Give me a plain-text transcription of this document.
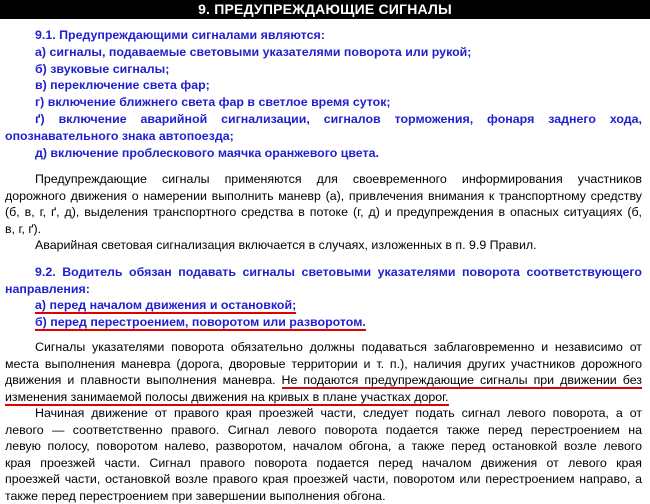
9. ПРЕДУПРЕЖДАЮЩИЕ СИГНАЛЫ
9.1. Предупреждающими сигналами являются:
а) сигналы, подаваемые световыми указателями поворота или рукой;
б) звуковые сигналы;
в) переключение света фар;
г) включение ближнего света фар в светлое время суток;
ґ) включение аварийной сигнализации, сигналов торможения, фонаря заднего хода,
опознавательного знака автопоезда;
д) включение проблескового маячка оранжевого цвета.
Предупреждающие сигналы применяются для своевременного информирования участников
дорожного движения о намерении выполнить маневр (а), привлечения внимания к транспортному средству
(б, в, г, ґ, д), выделения транспортного средства в потоке (г, д) и предупреждения в опасных ситуациях (б,
в, г, ґ).
Аварийная световая сигнализация включается в случаях, изложенных в п. 9.9 Правил.
9.2. Водитель обязан подавать сигналы световыми указателями поворота соответствующего
направления:
а) перед началом движения и остановкой;
б) перед перестроением, поворотом или разворотом.
Сигналы указателями поворота обязательно должны подаваться заблаговременно и независимо от
места выполнения маневра (дорога, дворовые территории и т. п.), наличия других участников дорожного
движения и плавности выполнения маневра. Не подаются предупреждающие сигналы при движении без
изменения занимаемой полосы движения на кривых в плане участках дорог.
Начиная движение от правого края проезжей части, следует подать сигнал левого поворота, а от
левого — соответственно правого. Сигнал левого поворота подается также перед перестроением на
левую полосу, поворотом налево, разворотом, началом обгона, а также перед остановкой возле левого
края проезжей части. Сигнал правого поворота подается перед началом движения от левого края
проезжей части, остановкой возле правого края проезжей части, поворотом или перестроением направо, а
также перед перестроением при завершении выполнения обгона.
